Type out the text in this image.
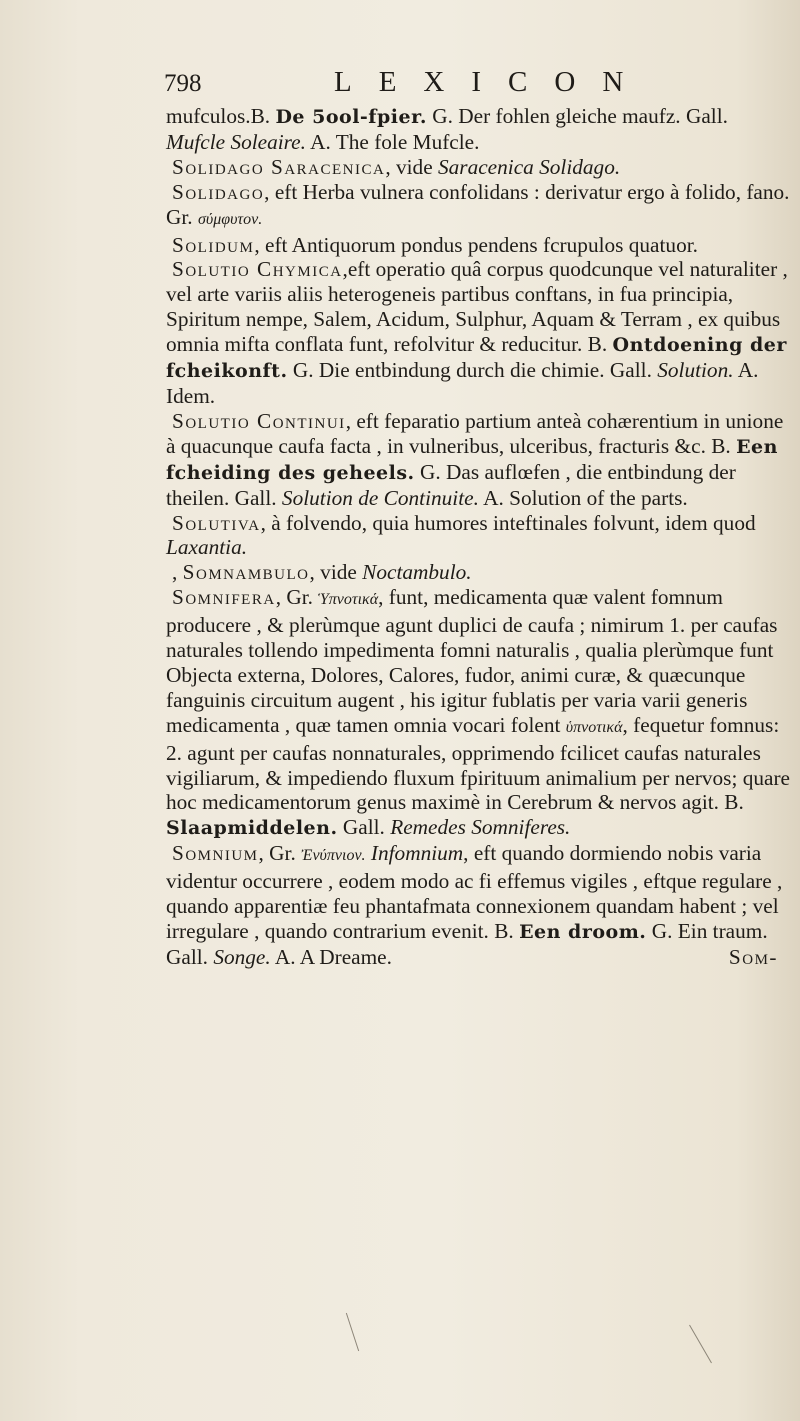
798	LEXICON

mufculos.B. De 5ool-fpier. G. Der fohlen gleiche maufz. Gall. Mufcle Soleaire. A. The fole Mufcle.

Solidago Saracenica, vide Saracenica Solidago.

Solidago, eft Herba vulnera confolidans : derivatur ergo à folido, fano. Gr. σύμφυτον.

Solidum, eft Antiquorum pondus pendens fcrupulos quatuor.

Solutio Chymica,eft operatio quâ corpus quodcunque vel naturaliter , vel arte variis aliis heterogeneis partibus conftans, in fua principia, Spiritum nempe, Salem, Acidum, Sulphur, Aquam & Terram , ex quibus omnia mifta conflata funt, refolvitur & reducitur. B. Ontdoening der fcheikonft. G. Die entbindung durch die chimie. Gall. Solution. A. Idem.

Solutio Continui, eft feparatio partium anteà cohærentium in unione à quacunque caufa facta , in vulneribus, ulceribus, fracturis &c. B. Een fcheiding des geheels. G. Das auflœfen , die entbindung der theilen. Gall. Solution de Continuite. A. Solution of the parts.

Solutiva, à folvendo, quia humores inteftinales folvunt, idem quod Laxantia.

, Somnambulo, vide Noctambulo.

Somnifera, Gr. Ὑπνοτικά, funt, medicamenta quæ valent fomnum producere , & plerùmque agunt duplici de caufa ; nimirum 1. per caufas naturales tollendo impedimenta fomni naturalis , qualia plerùmque funt Objecta externa, Dolores, Calores, fudor, animi curæ, & quæcunque fanguinis circuitum augent , his igitur fublatis per varia varii generis medicamenta , quæ tamen omnia vocari folent ὑπνοτικά, fequetur fomnus: 2. agunt per caufas nonnaturales, opprimendo fcilicet caufas naturales vigiliarum, & impediendo fluxum fpirituum animalium per nervos; quare hoc medicamentorum genus maximè in Cerebrum & nervos agit. B. Slaapmiddelen. Gall. Remedes Somniferes.

Somnium, Gr. Ἐνύπνιον. Infomnium, eft quando dormiendo nobis varia videntur occurrere , eodem modo ac fi effemus vigiles , eftque regulare , quando apparentiæ feu phantafmata connexionem quandam habent ; vel irregulare , quando contrarium evenit. B. Een droom. G. Ein traum. Gall. Songe. A. A Dreame.	Som-
